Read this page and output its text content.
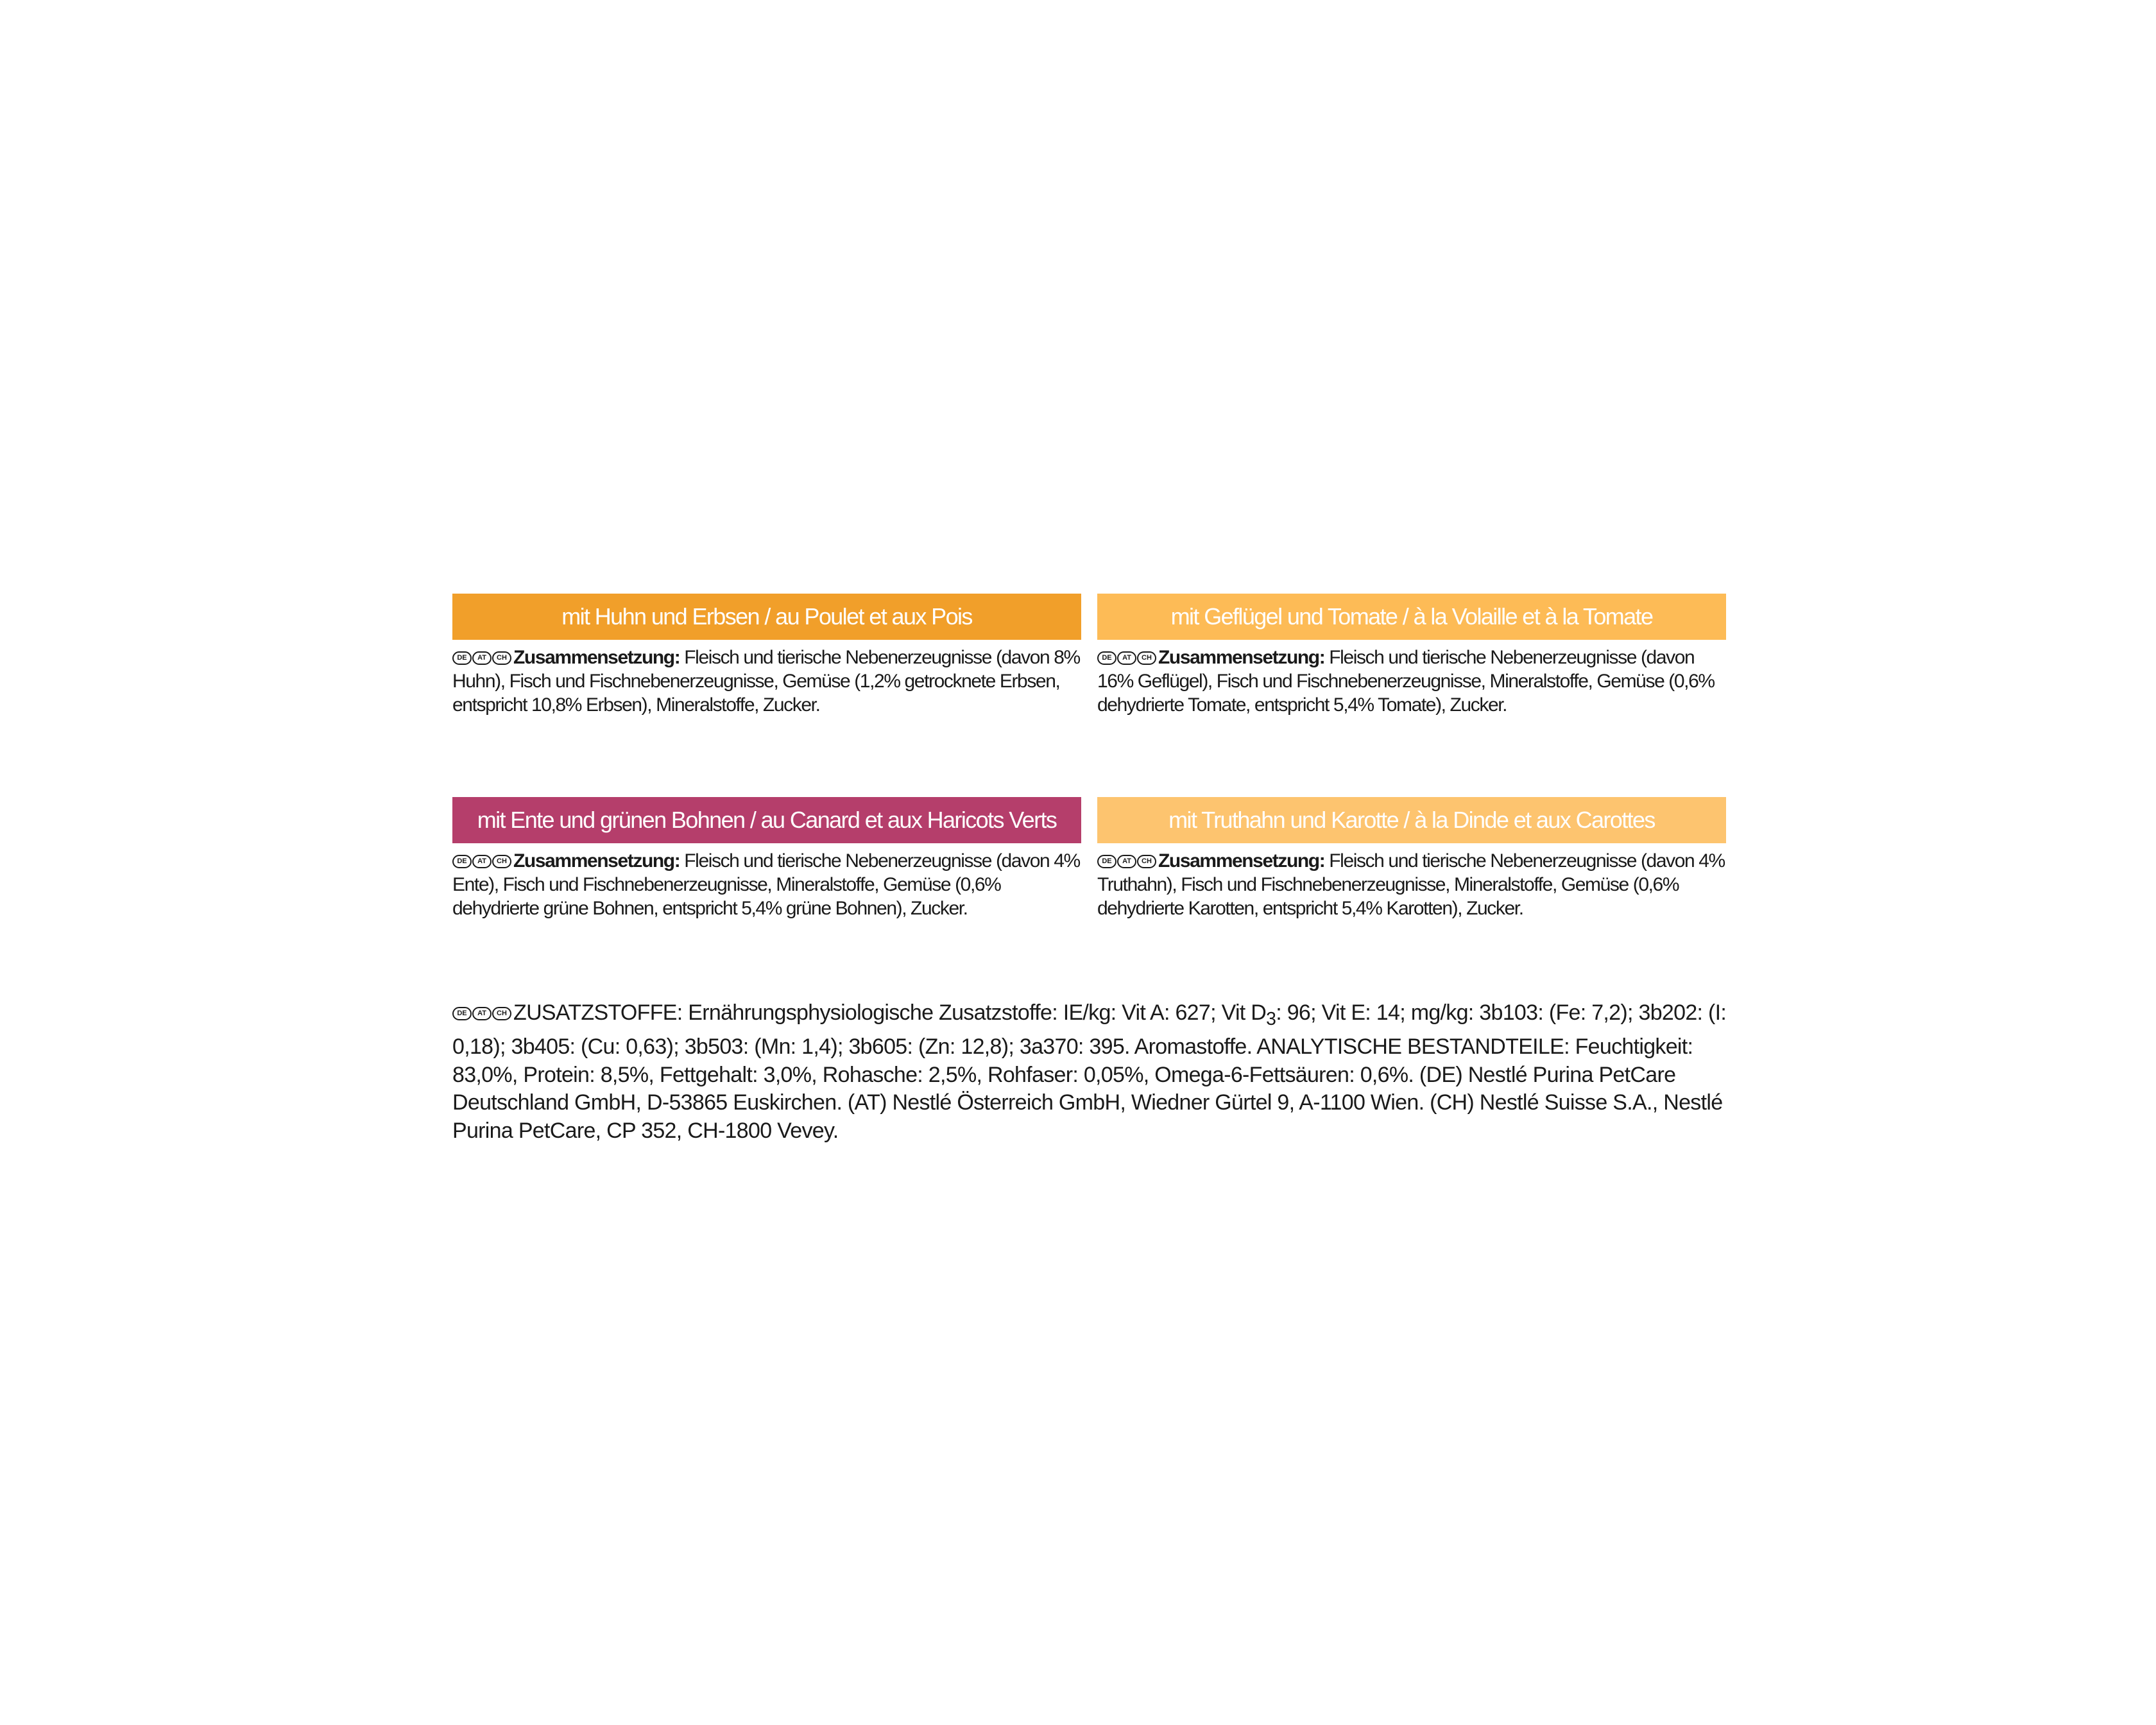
mit Huhn und Erbsen / au Poulet et aux Pois
DE AT CH Zusammensetzung: Fleisch und tierische Nebenerzeugnisse (davon 8% Huhn), Fisch und Fischnebenerzeugnisse, Gemüse (1,2% getrocknete Erbsen, entspricht 10,8% Erbsen), Mineralstoffe, Zucker.
mit Geflügel und Tomate / à la Volaille et à la Tomate
DE AT CH Zusammensetzung: Fleisch und tierische Nebenerzeugnisse (davon 16% Geflügel), Fisch und Fischnebenerzeugnisse, Mineralstoffe, Gemüse (0,6% dehydrierte Tomate, entspricht 5,4% Tomate), Zucker.
mit Ente und grünen Bohnen / au Canard et aux Haricots Verts
DE AT CH Zusammensetzung: Fleisch und tierische Nebenerzeugnisse (davon 4% Ente), Fisch und Fischnebenerzeugnisse, Mineralstoffe, Gemüse (0,6% dehydrierte grüne Bohnen, entspricht 5,4% grüne Bohnen), Zucker.
mit Truthahn und Karotte / à la Dinde et aux Carottes
DE AT CH Zusammensetzung: Fleisch und tierische Nebenerzeugnisse (davon 4% Truthahn), Fisch und Fischnebenerzeugnisse, Mineralstoffe, Gemüse (0,6% dehydrierte Karotten, entspricht 5,4% Karotten), Zucker.
DE AT CH ZUSATZSTOFFE: Ernährungsphysiologische Zusatzstoffe: IE/kg: Vit A: 627; Vit $D_3$: 96; Vit E: 14; mg/kg: 3b103: (Fe: 7,2); 3b202: (I: 0,18); 3b405: (Cu: 0,63); 3b503: (Mn: 1,4); 3b605: (Zn: 12,8); 3a370: 395. Aromastoffe. ANALYTISCHE BESTANDTEILE: Feuchtigkeit: 83,0%, Protein: 8,5%, Fettgehalt: 3,0%, Rohasche: 2,5%, Rohfaser: 0,05%, Omega-6-Fettsäuren: 0,6%. (DE) Nestlé Purina PetCare Deutschland GmbH, D-53865 Euskirchen. (AT) Nestlé Österreich GmbH, Wiedner Gürtel 9, A-1100 Wien. (CH) Nestlé Suisse S.A., Nestlé Purina PetCare, CP 352, CH-1800 Vevey.
